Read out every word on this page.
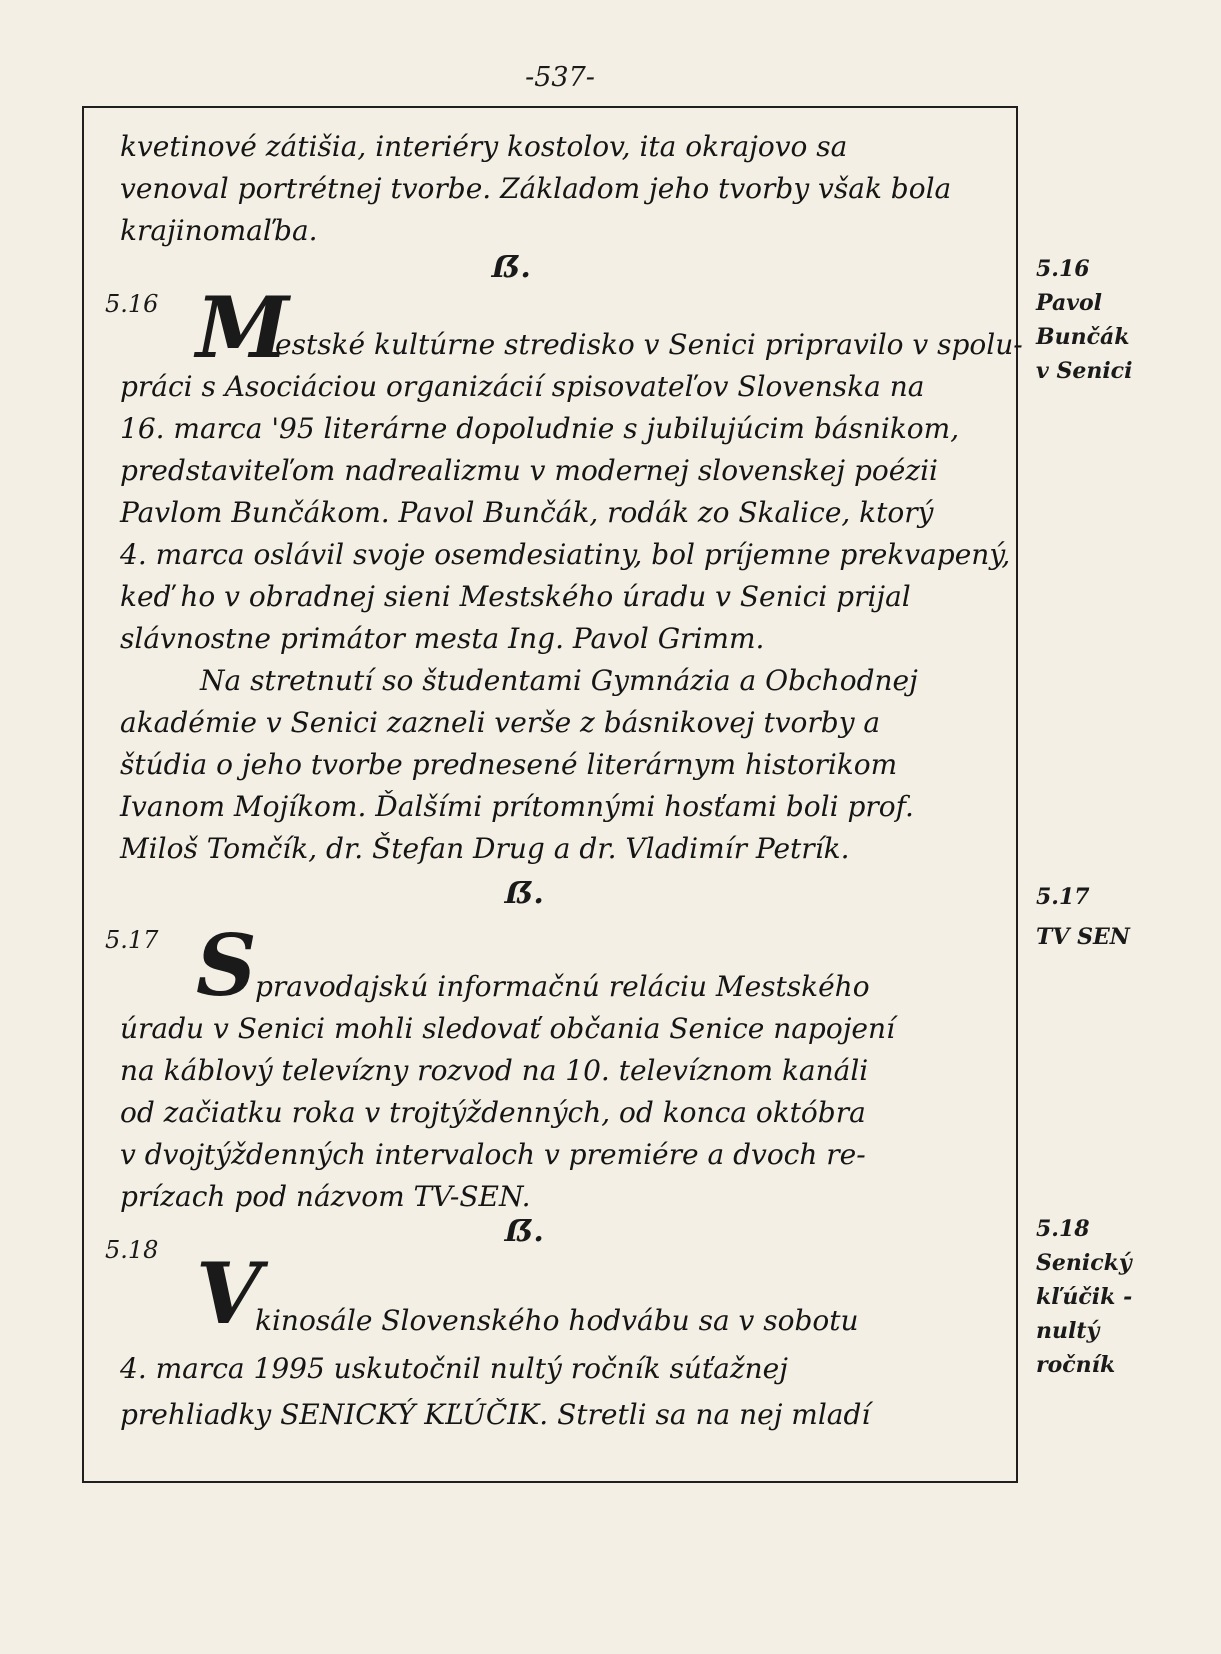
-537-
kvetinové zátišia, interiéry kostolov, ita okrajovo sa
venoval portrétnej tvorbe. Základom jeho tvorby však bola
krajinomaľba.
ẞ.
5.16 M
estské kultúrne stredisko v Senici pripravilo v spolu-
práci s Asociáciou organizácií spisovateľov Slovenska na
16. marca '95 literárne dopoludnie s jubilujúcim básnikom,
predstaviteľom nadrealizmu v modernej slovenskej poézii
Pavlom Bunčákom. Pavol Bunčák, rodák zo Skalice, ktorý
4. marca oslávil svoje osemdesiatiny, bol príjemne prekvapený,
keď ho v obradnej sieni Mestského úradu v Senici prijal
slávnostne primátor mesta Ing. Pavol Grimm.
Na stretnutí so študentami Gymnázia a Obchodnej
akadémie v Senici zazneli verše z básnikovej tvorby a
štúdia o jeho tvorbe prednesené literárnym historikom
Ivanom Mojíkom. Ďalšími prítomnými hosťami boli prof.
Miloš Tomčík, dr. Štefan Drug a dr. Vladimír Petrík.
ẞ.
5.17 S
pravodajskú informačnú reláciu Mestského
úradu v Senici mohli sledovať občania Senice napojení
na káblový televízny rozvod na 10. televíznom kanáli
od začiatku roka v trojtýždenných, od konca októbra
v dvojtýždenných intervaloch v premiére a dvoch re-
prízach pod názvom TV-SEN.
ẞ.
5.18 V
kinosále Slovenského hodvábu sa v sobotu
4. marca 1995 uskutočnil nultý ročník súťažnej
prehliadky SENICKÝ KĽÚČIK. Stretli sa na nej mladí
5.16
Pavol
Bunčák
v Senici
5.17
TV SEN
5.18
Senický
kľúčik -
nultý
ročník
